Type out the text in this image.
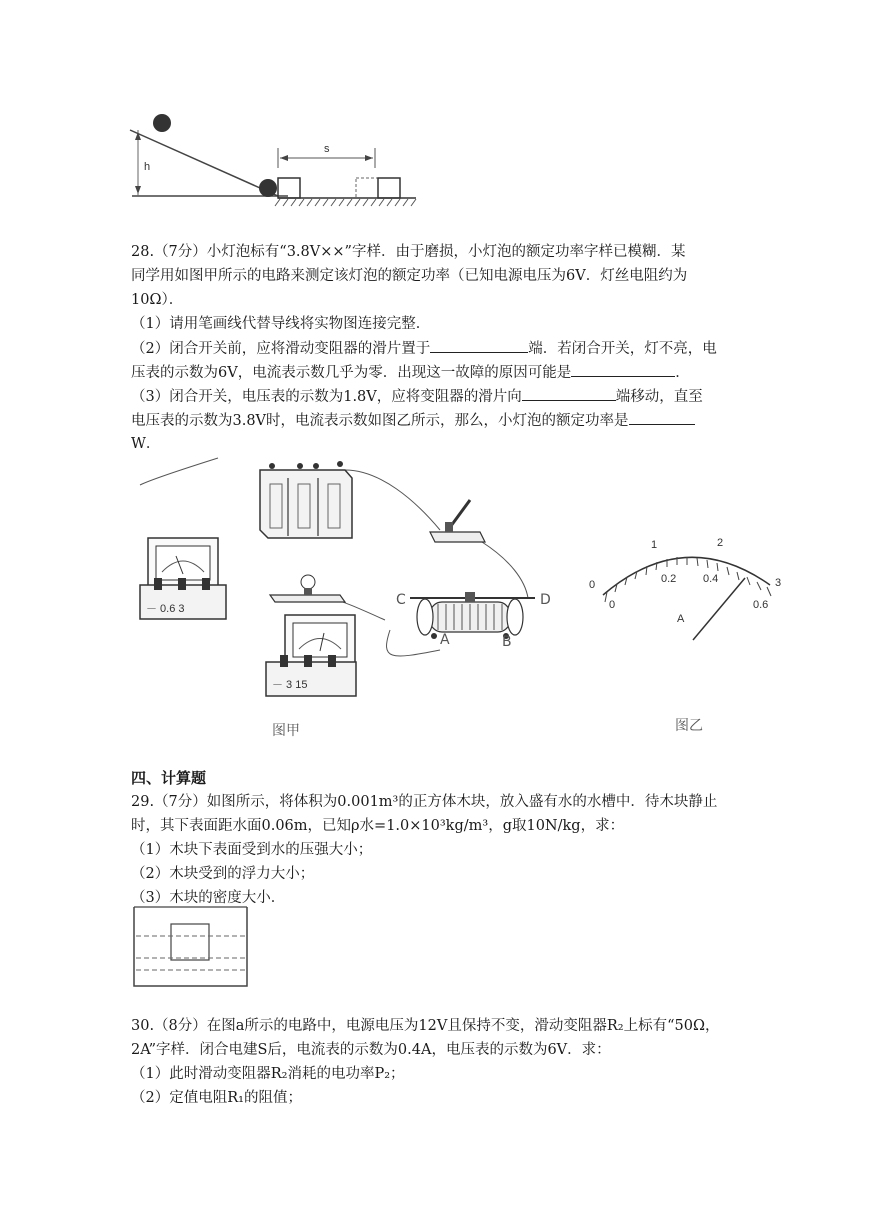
h
s
28.（7分）小灯泡标有“3.8V××”字样．由于磨损，小灯泡的额定功率字样已模糊．某
同学用如图甲所示的电路来测定该灯泡的额定功率（已知电源电压为6V．灯丝电阻约为
10Ω）．
（1）请用笔画线代替导线将实物图连接完整．
（2）闭合开关前，应将滑动变阻器的滑片置于	端．若闭合开关，灯不亮，电
压表的示数为6V，电流表示数几乎为零．出现这一故障的原因可能是	．
（3）闭合开关，电压表的示数为1.8V，应将变阻器的滑片向	端移动，直至
电压表的示数为3.8V时，电流表示数如图乙所示，那么，小灯泡的额定功率是
W．
－ 0.6 3
－ 3 15
C	D
A	B
图甲
0
1	2
3
0
0.2 0.4
0.6
A
图乙
四、计算题
29.（7分）如图所示，将体积为0.001m³的正方体木块，放入盛有水的水槽中．待木块静止
时，其下表面距水面0.06m，已知ρ水=1.0×10³kg/m³，g取10N/kg，求：
（1）木块下表面受到水的压强大小；
（2）木块受到的浮力大小；
（3）木块的密度大小．
30.（8分）在图a所示的电路中，电源电压为12V且保持不变，滑动变阻器R₂上标有“50Ω，
2A”字样．闭合电建S后，电流表的示数为0.4A，电压表的示数为6V．求：
（1）此时滑动变阻器R₂消耗的电功率P₂；
（2）定值电阻R₁的阻值；
